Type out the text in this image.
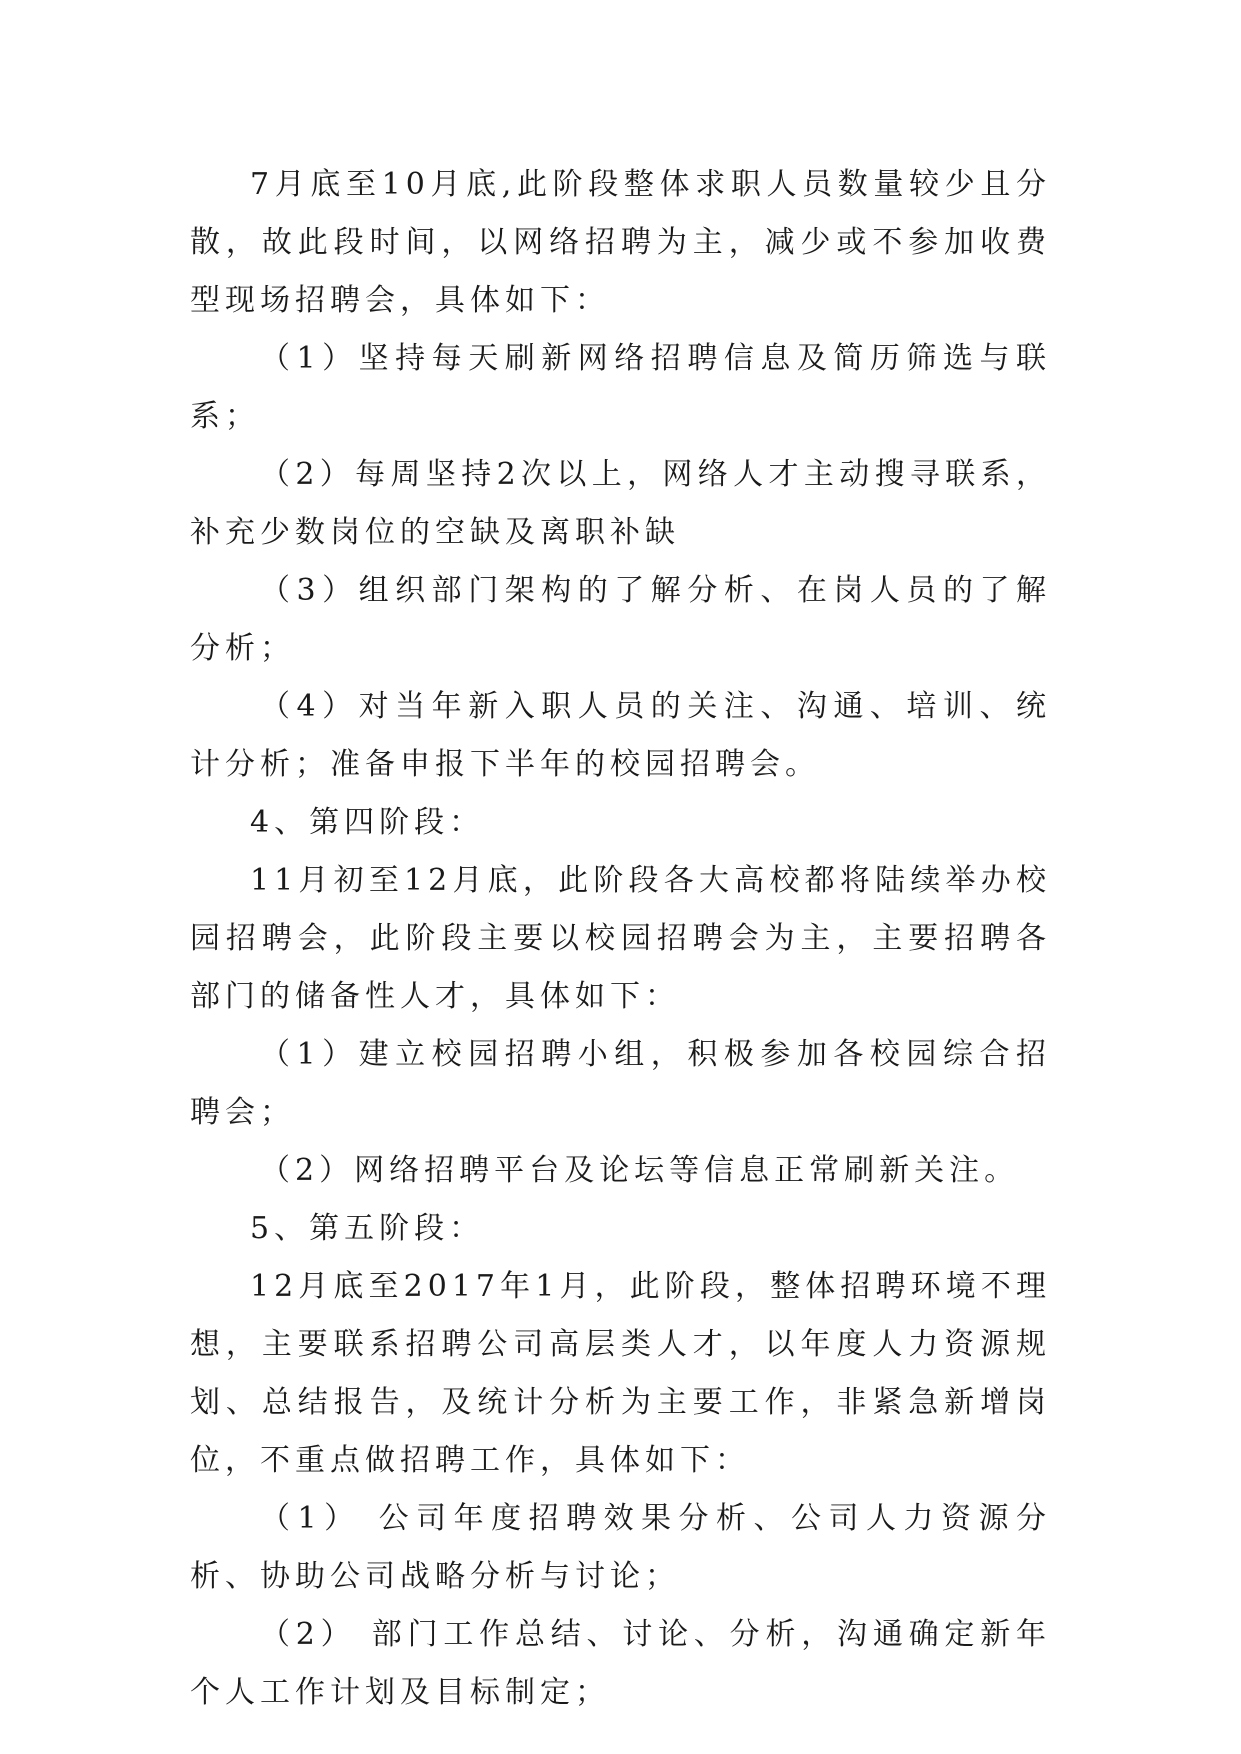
7月底至10月底,此阶段整体求职人员数量较少且分散，故此段时间，以网络招聘为主，减少或不参加收费型现场招聘会，具体如下：

（1）坚持每天刷新网络招聘信息及简历筛选与联系；

（2）每周坚持2次以上，网络人才主动搜寻联系，补充少数岗位的空缺及离职补缺

（3）组织部门架构的了解分析、在岗人员的了解分析；

（4）对当年新入职人员的关注、沟通、培训、统计分析；准备申报下半年的校园招聘会。

4、第四阶段：

11月初至12月底，此阶段各大高校都将陆续举办校园招聘会，此阶段主要以校园招聘会为主，主要招聘各部门的储备性人才，具体如下：

（1）建立校园招聘小组，积极参加各校园综合招聘会；

（2）网络招聘平台及论坛等信息正常刷新关注。

5、第五阶段：

12月底至2017年1月，此阶段，整体招聘环境不理想，主要联系招聘公司高层类人才，以年度人力资源规划、总结报告，及统计分析为主要工作，非紧急新增岗位，不重点做招聘工作，具体如下：

（1） 公司年度招聘效果分析、公司人力资源分析、协助公司战略分析与讨论；

（2） 部门工作总结、讨论、分析，沟通确定新年个人工作计划及目标制定；
